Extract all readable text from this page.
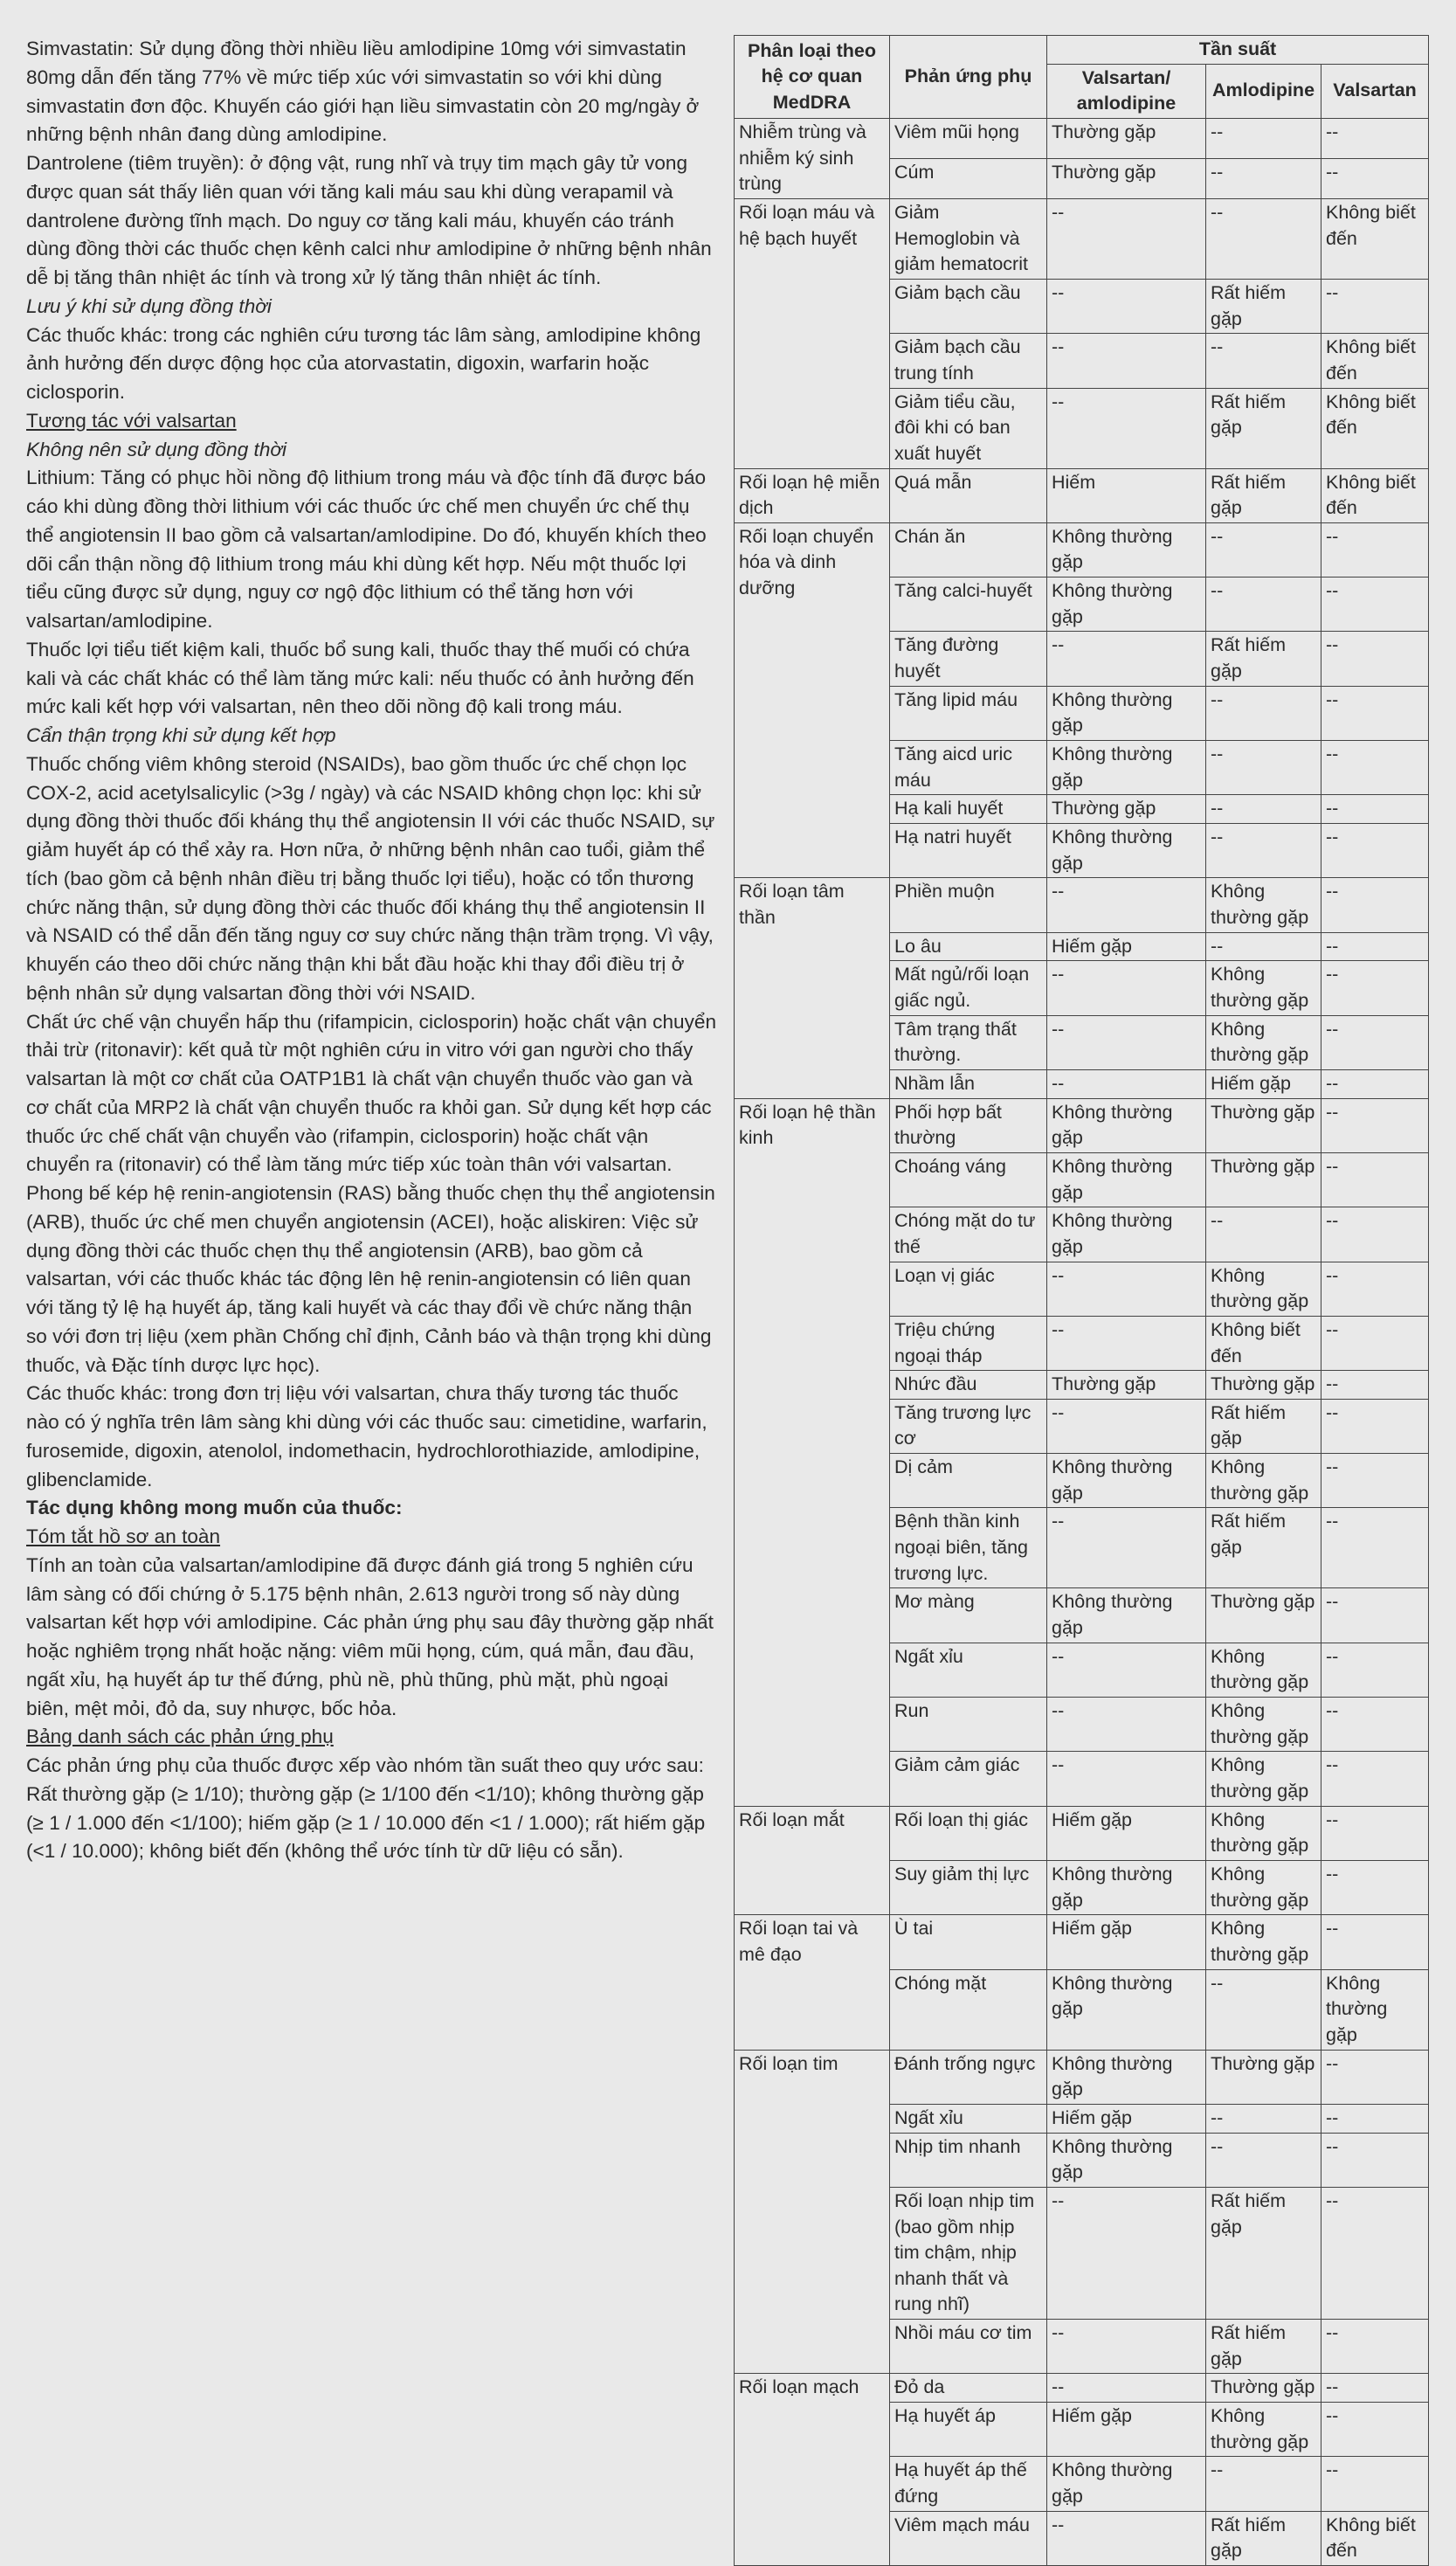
Simvastatin: Sử dụng đồng thời nhiều liều amlodipine 10mg với simvastatin 80mg dẫn đến tăng 77% về mức tiếp xúc với simvastatin so với khi dùng simvastatin đơn độc. Khuyến cáo giới hạn liều simvastatin còn 20 mg/ngày ở những bệnh nhân đang dùng amlodipine.

Dantrolene (tiêm truyền): ở động vật, rung nhĩ và trụy tim mạch gây tử vong được quan sát thấy liên quan với tăng kali máu sau khi dùng verapamil và dantrolene đường tĩnh mạch. Do nguy cơ tăng kali máu, khuyến cáo tránh dùng đồng thời các thuốc chẹn kênh calci như amlodipine ở những bệnh nhân dễ bị tăng thân nhiệt ác tính và trong xử lý tăng thân nhiệt ác tính.

Lưu ý khi sử dụng đồng thời

Các thuốc khác: trong các nghiên cứu tương tác lâm sàng, amlodipine không ảnh hưởng đến dược động học của atorvastatin, digoxin, warfarin hoặc ciclosporin.

Tương tác với valsartan

Không nên sử dụng đồng thời

Lithium: Tăng có phục hồi nồng độ lithium trong máu và độc tính đã được báo cáo khi dùng đồng thời lithium với các thuốc ức chế men chuyển ức chế thụ thể angiotensin II bao gồm cả valsartan/amlodipine. Do đó, khuyến khích theo dõi cẩn thận nồng độ lithium trong máu khi dùng kết hợp. Nếu một thuốc lợi tiểu cũng được sử dụng, nguy cơ ngộ độc lithium có thể tăng hơn với valsartan/amlodipine.

Thuốc lợi tiểu tiết kiệm kali, thuốc bổ sung kali, thuốc thay thế muối có chứa kali và các chất khác có thể làm tăng mức kali: nếu thuốc có ảnh hưởng đến mức kali kết hợp với valsartan, nên theo dõi nồng độ kali trong máu.

Cẩn thận trọng khi sử dụng kết hợp

Thuốc chống viêm không steroid (NSAIDs), bao gồm thuốc ức chế chọn lọc COX-2, acid acetylsalicylic (>3g / ngày) và các NSAID không chọn lọc: khi sử dụng đồng thời thuốc đối kháng thụ thể angiotensin II với các thuốc NSAID, sự giảm huyết áp có thể xảy ra. Hơn nữa, ở những bệnh nhân cao tuổi, giảm thể tích (bao gồm cả bệnh nhân điều trị bằng thuốc lợi tiểu), hoặc có tổn thương chức năng thận, sử dụng đồng thời các thuốc đối kháng thụ thể angiotensin II và NSAID có thể dẫn đến tăng nguy cơ suy chức năng thận trầm trọng. Vì vậy, khuyến cáo theo dõi chức năng thận khi bắt đầu hoặc khi thay đổi điều trị ở bệnh nhân sử dụng valsartan đồng thời với NSAID.

Chất ức chế vận chuyển hấp thu (rifampicin, ciclosporin) hoặc chất vận chuyển thải trừ (ritonavir): kết quả từ một nghiên cứu in vitro với gan người cho thấy valsartan là một cơ chất của OATP1B1 là chất vận chuyển thuốc vào gan và cơ chất của MRP2 là chất vận chuyển thuốc ra khỏi gan. Sử dụng kết hợp các thuốc ức chế chất vận chuyển vào (rifampin, ciclosporin) hoặc chất vận chuyển ra (ritonavir) có thể làm tăng mức tiếp xúc toàn thân với valsartan.

Phong bế kép hệ renin-angiotensin (RAS) bằng thuốc chẹn thụ thể angiotensin (ARB), thuốc ức chế men chuyển angiotensin (ACEI), hoặc aliskiren: Việc sử dụng đồng thời các thuốc chẹn thụ thể angiotensin (ARB), bao gồm cả valsartan, với các thuốc khác tác động lên hệ renin-angiotensin có liên quan với tăng tỷ lệ hạ huyết áp, tăng kali huyết và các thay đổi về chức năng thận so với đơn trị liệu (xem phần Chống chỉ định, Cảnh báo và thận trọng khi dùng thuốc, và Đặc tính dược lực học).

Các thuốc khác: trong đơn trị liệu với valsartan, chưa thấy tương tác thuốc nào có ý nghĩa trên lâm sàng khi dùng với các thuốc sau: cimetidine, warfarin, furosemide, digoxin, atenolol, indomethacin, hydrochlorothiazide, amlodipine, glibenclamide.

Tác dụng không mong muốn của thuốc:

Tóm tắt hồ sơ an toàn

Tính an toàn của valsartan/amlodipine đã được đánh giá trong 5 nghiên cứu lâm sàng có đối chứng ở 5.175 bệnh nhân, 2.613 người trong số này dùng valsartan kết hợp với amlodipine. Các phản ứng phụ sau đây thường gặp nhất hoặc nghiêm trọng nhất hoặc nặng: viêm mũi họng, cúm, quá mẫn, đau đầu, ngất xỉu, hạ huyết áp tư thế đứng, phù nề, phù thũng, phù mặt, phù ngoại biên, mệt mỏi, đỏ da, suy nhược, bốc hỏa.

Bảng danh sách các phản ứng phụ

Các phản ứng phụ của thuốc được xếp vào nhóm tần suất theo quy ước sau: Rất thường gặp (≥ 1/10); thường gặp (≥ 1/100 đến <1/10); không thường gặp (≥ 1 / 1.000 đến <1/100); hiếm gặp (≥ 1 / 10.000 đến <1 / 1.000); rất hiếm gặp (<1 / 10.000); không biết đến (không thể ước tính từ dữ liệu có sẵn).

Phân loại theo hệ cơ quan MedDRA	Phản ứng phụ	Tần suất		
		Valsartan/ amlodipine	Amlodipine	Valsartan
Nhiễm trùng và nhiễm ký sinh trùng	Viêm mũi họng	Thường gặp	--	--
	Cúm	Thường gặp	--	--
Rối loạn máu và hệ bạch huyết	Giảm Hemoglobin và giảm hematocrit	--	--	Không biết đến
	Giảm bạch cầu	--	Rất hiếm gặp	--
	Giảm bạch cầu trung tính	--	--	Không biết đến
	Giảm tiểu cầu, đôi khi có ban xuất huyết	--	Rất hiếm gặp	Không biết đến
Rối loạn hệ miễn dịch	Quá mẫn	Hiếm	Rất hiếm gặp	Không biết đến
Rối loạn chuyển hóa và dinh dưỡng	Chán ăn	Không thường gặp	--	--
	Tăng calci-huyết	Không thường gặp	--	--
	Tăng đường huyết	--	Rất hiếm gặp	--
	Tăng lipid máu	Không thường gặp	--	--
	Tăng aicd uric máu	Không thường gặp	--	--
	Hạ kali huyết	Thường gặp	--	--
	Hạ natri huyết	Không thường gặp	--	--
Rối loạn tâm thần	Phiền muộn	--	Không thường gặp	--
	Lo âu	Hiếm gặp	--	--
	Mất ngủ/rối loạn giấc ngủ.	--	Không thường gặp	--
	Tâm trạng thất thường.	--	Không thường gặp	--
	Nhầm lẫn	--	Hiếm gặp	--
Rối loạn hệ thần kinh	Phối hợp bất thường	Không thường gặp	Thường gặp	--
	Choáng váng	Không thường gặp	Thường gặp	--
	Chóng mặt do tư thế	Không thường gặp	--	--
	Loạn vị giác	--	Không thường gặp	--
	Triệu chứng ngoại tháp	--	Không biết đến	--
	Nhức đầu	Thường gặp	Thường gặp	--
	Tăng trương lực cơ	--	Rất hiếm gặp	--
	Dị cảm	Không thường gặp	Không thường gặp	--
	Bệnh thần kinh ngoại biên, tăng trương lực.	--	Rất hiếm gặp	--
	Mơ màng	Không thường gặp	Thường gặp	--
	Ngất xỉu	--	Không thường gặp	--
	Run	--	Không thường gặp	--
	Giảm cảm giác	--	Không thường gặp	--
Rối loạn mắt	Rối loạn thị giác	Hiếm gặp	Không thường gặp	--
	Suy giảm thị lực	Không thường gặp	Không thường gặp	--
Rối loạn tai và mê đạo	Ù tai	Hiếm gặp	Không thường gặp	--
	Chóng mặt	Không thường gặp	--	Không thường gặp
Rối loạn tim	Đánh trống ngực	Không thường gặp	Thường gặp	--
	Ngất xỉu	Hiếm gặp	--	--
	Nhịp tim nhanh	Không thường gặp	--	--
	Rối loạn nhịp tim (bao gồm nhịp tim chậm, nhịp nhanh thất và rung nhĩ)	--	Rất hiếm gặp	--
	Nhồi máu cơ tim	--	Rất hiếm gặp	--
Rối loạn mạch	Đỏ da	--	Thường gặp	--
	Hạ huyết áp	Hiếm gặp	Không thường gặp	--
	Hạ huyết áp thế đứng	Không thường gặp	--	--
	Viêm mạch máu	--	Rất hiếm gặp	Không biết đến
